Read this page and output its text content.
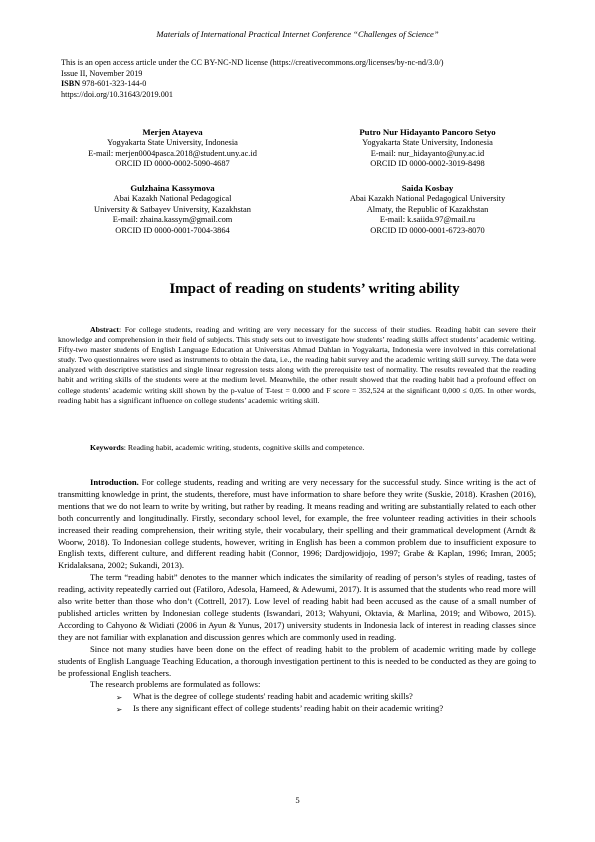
Materials of International Practical Internet Conference “Challenges of Science”
This is an open access article under the CC BY-NC-ND license (https://creativecommons.org/licenses/by-nc-nd/3.0/)
Issue II, November 2019
ISBN 978-601-323-144-0
https://doi.org/10.31643/2019.001
Merjen Atayeva
Yogyakarta State University, Indonesia
E-mail: merjen0004pasca.2018@student.uny.ac.id
ORCID ID 0000-0002-5090-4687
Putro Nur Hidayanto Pancoro Setyo
Yogyakarta State University, Indonesia
E-mail: nur_hidayanto@uny.ac.id
ORCID ID 0000-0002-3019-8498
Gulzhaina Kassymova
Abai Kazakh National Pedagogical
University & Satbayev University, Kazakhstan
E-mail: zhaina.kassym@gmail.com
ORCID ID 0000-0001-7004-3864
Saida Kosbay
Abai Kazakh National Pedagogical University
Almaty, the Republic of Kazakhstan
E-mail: k.saiida.97@mail.ru
ORCID ID 0000-0001-6723-8070
Impact of reading on students’ writing ability
Abstract: For college students, reading and writing are very necessary for the success of their studies. Reading habit can severe their knowledge and comprehension in their field of subjects. This study sets out to investigate how students’ reading skills affect students’ academic writing. Fifty-two master students of English Language Education at Universitas Ahmad Dahlan in Yogyakarta, Indonesia were involved in this correlational study. Two questionnaires were used as instruments to obtain the data, i.e., the reading habit survey and the academic writing skill survey. The data were analyzed with descriptive statistics and single linear regression tests along with the prerequisite test of normality. The results revealed that the reading habit and writing skills of the students were at the medium level. Meanwhile, the other result showed that the reading habit had a profound effect on college students' academic writing skill shown by the p-value of T-test = 0.000 and F score = 352,524 at the significant 0,000 ≤ 0,05. In other words, reading habit has a significant influence on college students’ academic writing skill.
Keywords: Reading habit, academic writing, students, cognitive skills and competence.

Introduction. For college students, reading and writing are very necessary for the successful study. Since writing is the act of transmitting knowledge in print, the students, therefore, must have information to share before they write (Suskie, 2018). Krashen (2016), mentions that we do not learn to write by writing, but rather by reading. It means reading and writing are substantially related to each other both concurrently and longitudinally. Firstly, secondary school level, for example, the free volunteer reading activities in their schools increased their reading comprehension, their writing style, their vocabulary, their spelling and their grammatical development (Arndt & Woorw, 2018). To Indonesian college students, however, writing in English has been a common problem due to insufficient exposure to English texts, different culture, and different reading habit (Connor, 1996; Dardjowidjojo, 1997; Grabe & Kaplan, 1996; Imran, 2005; Kridalaksana, 2002; Sukandi, 2013).

The term “reading habit” denotes to the manner which indicates the similarity of reading of person’s styles of reading, tastes of reading, activity repeatedly carried out (Fatiloro, Adesola, Hameed, & Adewumi, 2017). It is assumed that the students who read more will also write better than those who don’t (Cottrell, 2017). Low level of reading habit had been accused as the cause of a small number of published articles written by Indonesian college students (Iswandari, 2013; Wahyuni, Oktavia, & Marlina, 2019; and Wibowo, 2015). According to Cahyono & Widiati (2006 in Ayun & Yunus, 2017) university students in Indonesia lack of interest in reading classes since they are not familiar with explanation and discussion genres which are commonly used in reading.

Since not many studies have been done on the effect of reading habit to the problem of academic writing made by college students of English Language Teaching Education, a thorough investigation pertinent to this is needed to be conducted as they are going to be professional English teachers.

The research problems are formulated as follows:

➢ What is the degree of college students' reading habit and academic writing skills?
➢ Is there any significant effect of college students’ reading habit on their academic writing?
5
